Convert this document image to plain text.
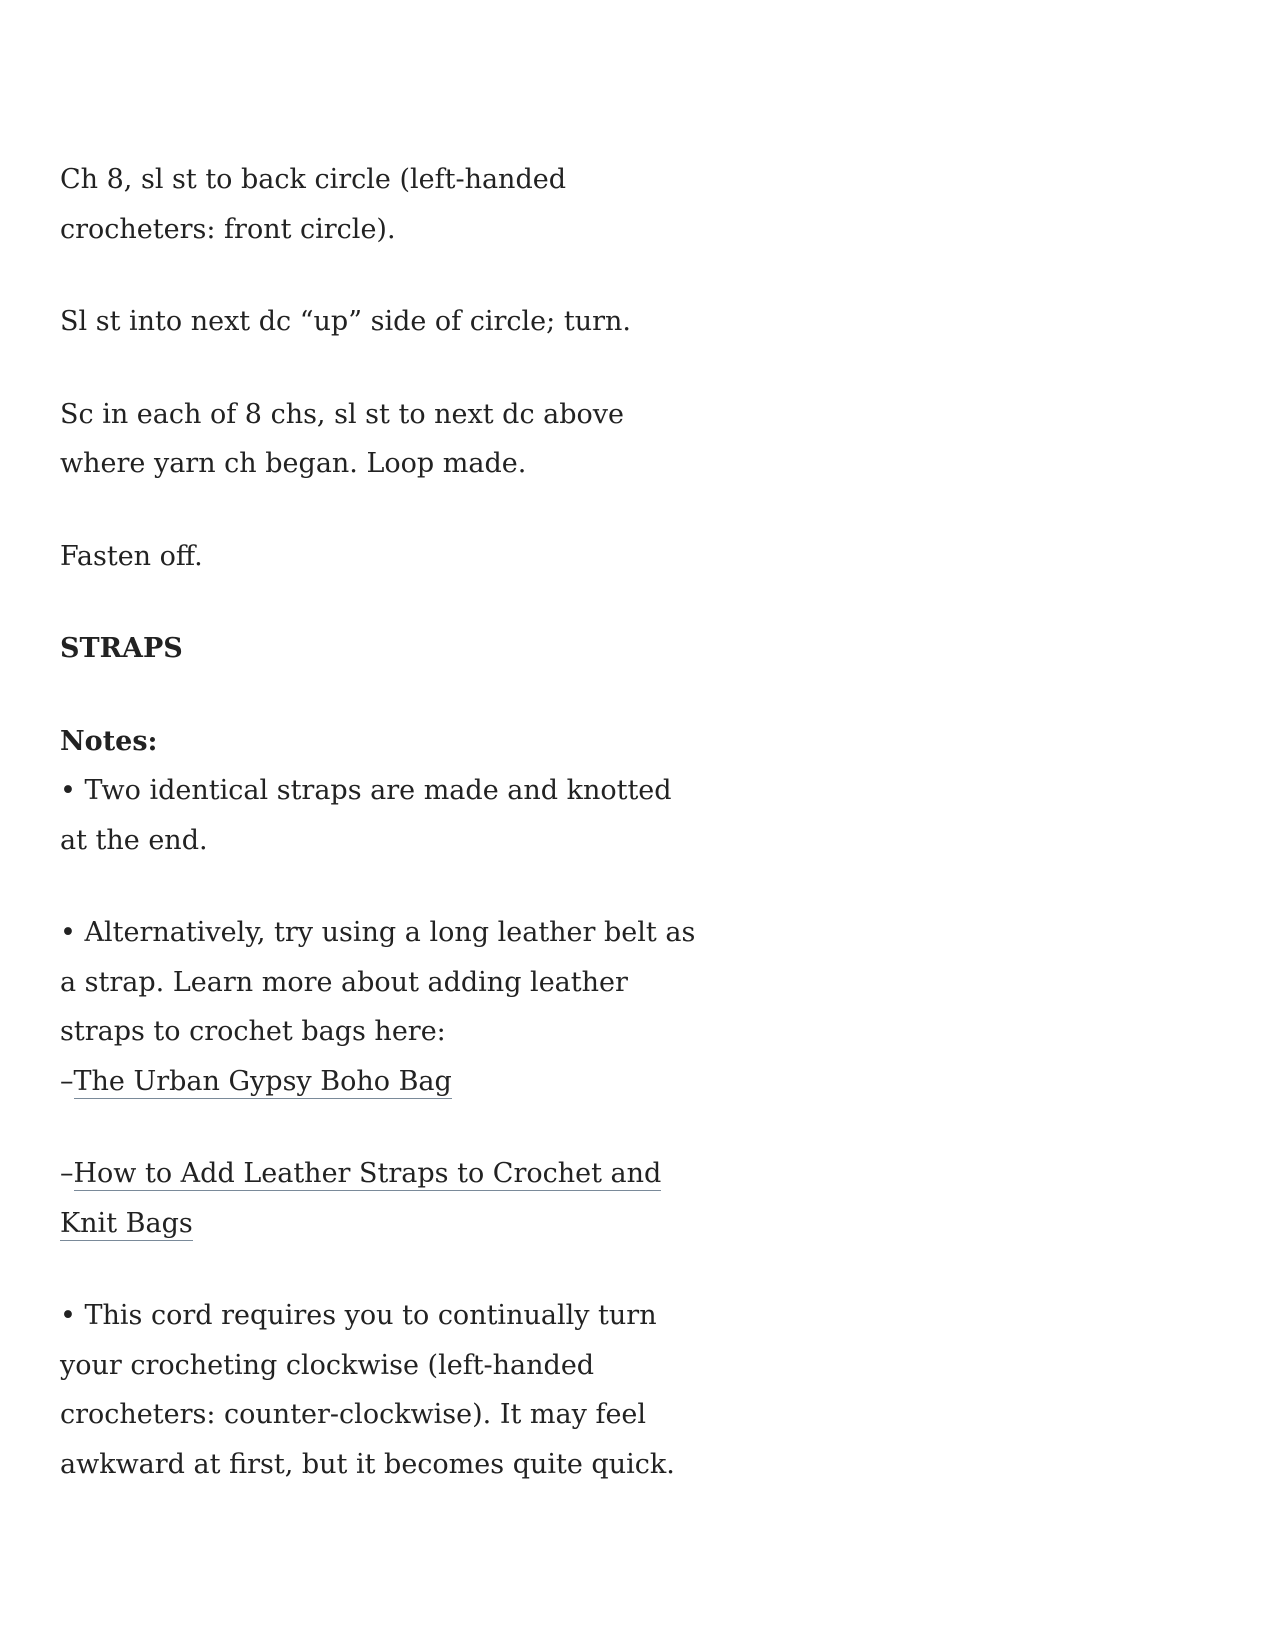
Ch 8, sl st to back circle (left-handed
crocheters: front circle).

Sl st into next dc “up” side of circle; turn.

Sc in each of 8 chs, sl st to next dc above
where yarn ch began. Loop made.

Fasten off.

STRAPS

Notes:
• Two identical straps are made and knotted
at the end.

• Alternatively, try using a long leather belt as
a strap. Learn more about adding leather
straps to crochet bags here:
–The Urban Gypsy Boho Bag

–How to Add Leather Straps to Crochet and
Knit Bags

• This cord requires you to continually turn
your crocheting clockwise (left-handed
crocheters: counter-clockwise). It may feel
awkward at first, but it becomes quite quick.
